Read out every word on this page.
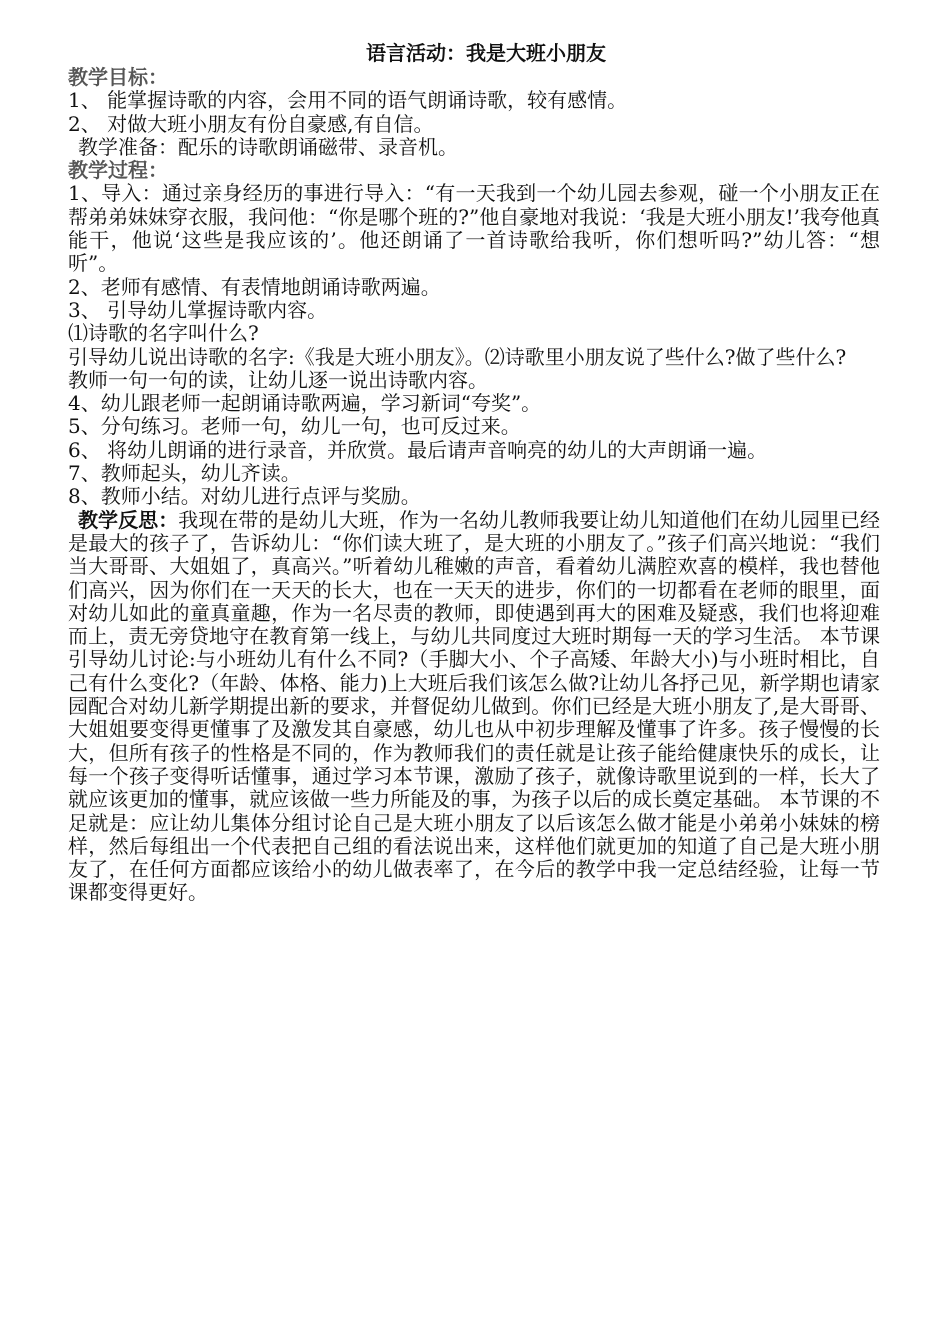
语言活动：我是大班小朋友
教学目标：
1、 能掌握诗歌的内容，会用不同的语气朗诵诗歌，较有感情。
2、 对做大班小朋友有份自豪感,有自信。
教学准备：配乐的诗歌朗诵磁带、录音机。
教学过程：
1、导入：通过亲身经历的事进行导入：“有一天我到一个幼儿园去参观，碰一个小朋友正在帮弟弟妹妹穿衣服，我问他：“你是哪个班的?”他自豪地对我说：‘我是大班小朋友!’我夸他真能干，他说‘这些是我应该的’。他还朗诵了一首诗歌给我听，你们想听吗?”幼儿答：“想听”。
2、老师有感情、有表情地朗诵诗歌两遍。
3、 引导幼儿掌握诗歌内容。
⑴诗歌的名字叫什么?
引导幼儿说出诗歌的名字:《我是大班小朋友》。⑵诗歌里小朋友说了些什么?做了些什么?
教师一句一句的读，让幼儿逐一说出诗歌内容。
4、幼儿跟老师一起朗诵诗歌两遍，学习新词“夸奖”。
5、分句练习。老师一句，幼儿一句，也可反过来。
6、 将幼儿朗诵的进行录音，并欣赏。最后请声音响亮的幼儿的大声朗诵一遍。
7、教师起头，幼儿齐读。
8、教师小结。对幼儿进行点评与奖励。
教学反思：我现在带的是幼儿大班，作为一名幼儿教师我要让幼儿知道他们在幼儿园里已经是最大的孩子了，告诉幼儿：“你们读大班了，是大班的小朋友了。”孩子们高兴地说：“我们当大哥哥、大姐姐了，真高兴。”听着幼儿稚嫩的声音，看着幼儿满腔欢喜的模样，我也替他们高兴，因为你们在一天天的长大，也在一天天的进步，你们的一切都看在老师的眼里，面对幼儿如此的童真童趣，作为一名尽责的教师，即使遇到再大的困难及疑惑，我们也将迎难而上，责无旁贷地守在教育第一线上，与幼儿共同度过大班时期每一天的学习生活。 本节课引导幼儿讨论:与小班幼儿有什么不同?（手脚大小、个子高矮、年龄大小)与小班时相比，自己有什么变化?（年龄、体格、能力)上大班后我们该怎么做?让幼儿各抒己见，新学期也请家园配合对幼儿新学期提出新的要求，并督促幼儿做到。你们已经是大班小朋友了,是大哥哥、大姐姐要变得更懂事了及激发其自豪感，幼儿也从中初步理解及懂事了许多。孩子慢慢的长大，但所有孩子的性格是不同的，作为教师我们的责任就是让孩子能给健康快乐的成长，让每一个孩子变得听话懂事，通过学习本节课，激励了孩子，就像诗歌里说到的一样，长大了就应该更加的懂事，就应该做一些力所能及的事，为孩子以后的成长奠定基础。 本节课的不足就是：应让幼儿集体分组讨论自己是大班小朋友了以后该怎么做才能是小弟弟小妹妹的榜样，然后每组出一个代表把自己组的看法说出来，这样他们就更加的知道了自己是大班小朋友了，在任何方面都应该给小的幼儿做表率了，在今后的教学中我一定总结经验，让每一节课都变得更好。
